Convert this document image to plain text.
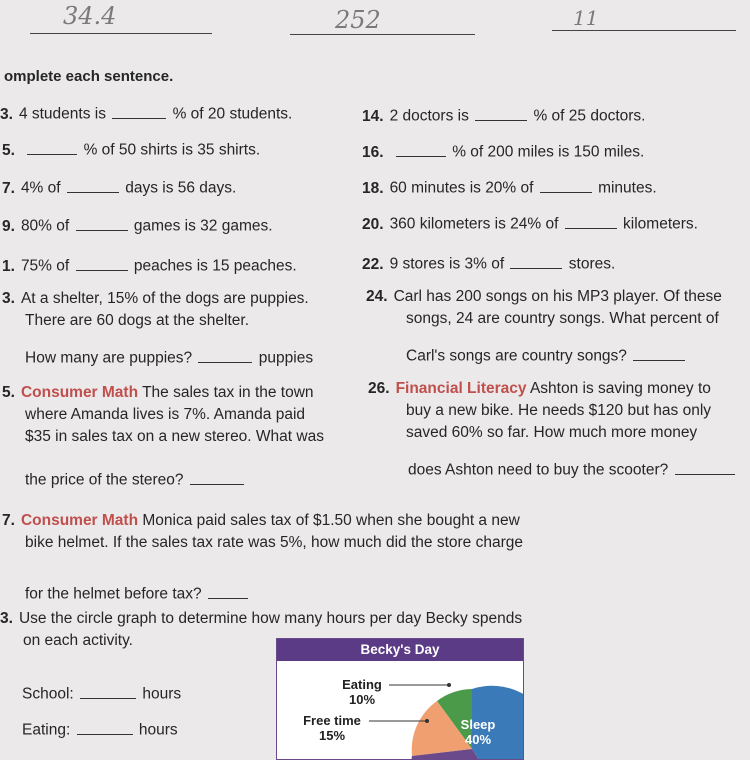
34.4	252	11
omplete each sentence.
3. 4 students is	% of 20 students.	14. 2 doctors is	% of 25 doctors.
5.	% of 50 shirts is 35 shirts.	16.	% of 200 miles is 150 miles.
7. 4% of	days is 56 days.	18. 60 minutes is 20% of	minutes.
9. 80% of	games is 32 games.	20. 360 kilometers is 24% of	kilometers.
1. 75% of	peaches is 15 peaches.	22. 9 stores is 3% of	stores.
3. At a shelter, 15% of the dogs are puppies.
There are 60 dogs at the shelter.
How many are puppies?	puppies
24. Carl has 200 songs on his MP3 player. Of these
songs, 24 are country songs. What percent of
Carl's songs are country songs?
5. Consumer Math The sales tax in the town
where Amanda lives is 7%. Amanda paid
$35 in sales tax on a new stereo. What was
the price of the stereo?
26. Financial Literacy Ashton is saving money to
buy a new bike. He needs $120 but has only
saved 60% so far. How much more money
does Ashton need to buy the scooter?
7. Consumer Math Monica paid sales tax of $1.50 when she bought a new
bike helmet. If the sales tax rate was 5%, how much did the store charge
for the helmet before tax?
3. Use the circle graph to determine how many hours per day Becky spends
on each activity.
School:	hours
Eating:	hours
Becky's Day
Eating
10%
Free time
15%
Sleep
40%
